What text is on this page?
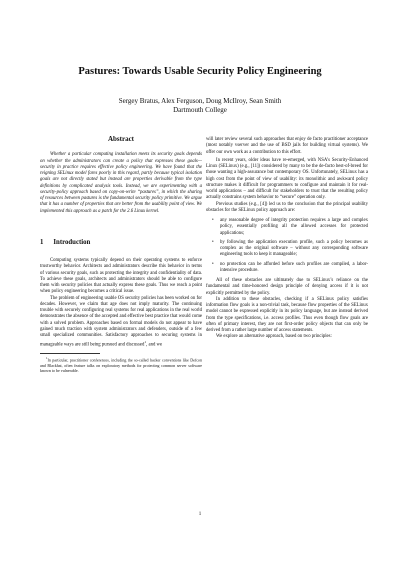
Pastures: Towards Usable Security Policy Engineering
Sergey Bratus, Alex Ferguson, Doug McIlroy, Sean Smith
Dartmouth College
Abstract
Whether a particular computing installation meets its security goals depends on whether the administrators can create a policy that expresses these goals—security in practice requires effective policy engineering. We have found that the reigning SELinux model fares poorly in this regard, partly because typical isolation goals are not directly stated but instead are properties derivable from the type definitions by complicated analysis tools. Instead, we are experimenting with a security-policy approach based on copy-on-write “pastures”, in which the sharing of resources between pastures is the fundamental security policy primitive. We argue that it has a number of properties that are better from the usability point of view. We implemented this approach as a patch for the 2.6 Linux kernel.
1 Introduction

Computing systems typically depend on their operating systems to enforce trustworthy behavior. Architects and administrators describe this behavior in terms of various security goals, such as protecting the integrity and confidentiality of data. To achieve these goals, architects and administrators should be able to configure them with security policies that actually express these goals. Thus we reach a point when policy engineering becomes a critical issue.

The problem of engineering usable OS security policies has been worked on for decades. However, we claim that age does not imply maturity. The continuing trouble with securely configuring real systems for real applications in the real world demonstrates the absence of the accepted and effective best practice that would come with a solved problem. Approaches based on formal models do not appear to have gained much traction with system administrators and defenders, outside of a few small specialized communities. Satisfactory approaches to securing systems in manageable ways are still being pursued and discussed$^1$, and we

$^1$In particular, practitioner conferences, including the so-called hacker conventions like Defcon and Blackhat, often feature talks on exploratory methods for protecting common server software known to be vulnerable.

will later review several such approaches that enjoy de facto practitioner acceptance (most notably vserver and the use of BSD jails for building virtual systems). We offer our own work as a contribution to this effort.

In recent years, older ideas have re-emerged, with NSA’s Security-Enhanced Linux (SELinux) (e.g., [11]) considered by many to be the de-facto best-of-breed for those wanting a high-assurance but contemporary OS. Unfortunately, SELinux has a high cost from the point of view of usability: its monolithic and awkward policy structure makes it difficult for programmers to configure and maintain it for real-world applications – and difficult for stakeholders to trust that the resulting policy actually constrains system behavior to “secure” operation only.

Previous studies (e.g., [4]) led us to the conclusion that the principal usability obstacles for the SELinux policy approach are:

• any reasonable degree of integrity protection requires a large and complex policy, essentially profiling all the allowed accesses for protected applications;
• by following the application execution profile, such a policy becomes as complex as the original software – without any corresponding software engineering tools to keep it manageable;
• no protection can be afforded before such profiles are compiled, a labor-intensive procedure.

All of these obstacles are ultimately due to SELinux’s reliance on the fundamental and time-honored design principle of denying access if it is not explicitly permitted by the policy.

In addition to these obstacles, checking if a SELinux policy satisfies information flow goals is a non-trivial task, because flow properties of the SELinux model cannot be expressed explicitly in its policy language, but are instead derived from the type specifications, i.e. access profiles. Thus even though flow goals are often of primary interest, they are not first-order policy objects that can only be derived from a rather large number of access statements.

We explore an alternative approach, based on two principles:

1
